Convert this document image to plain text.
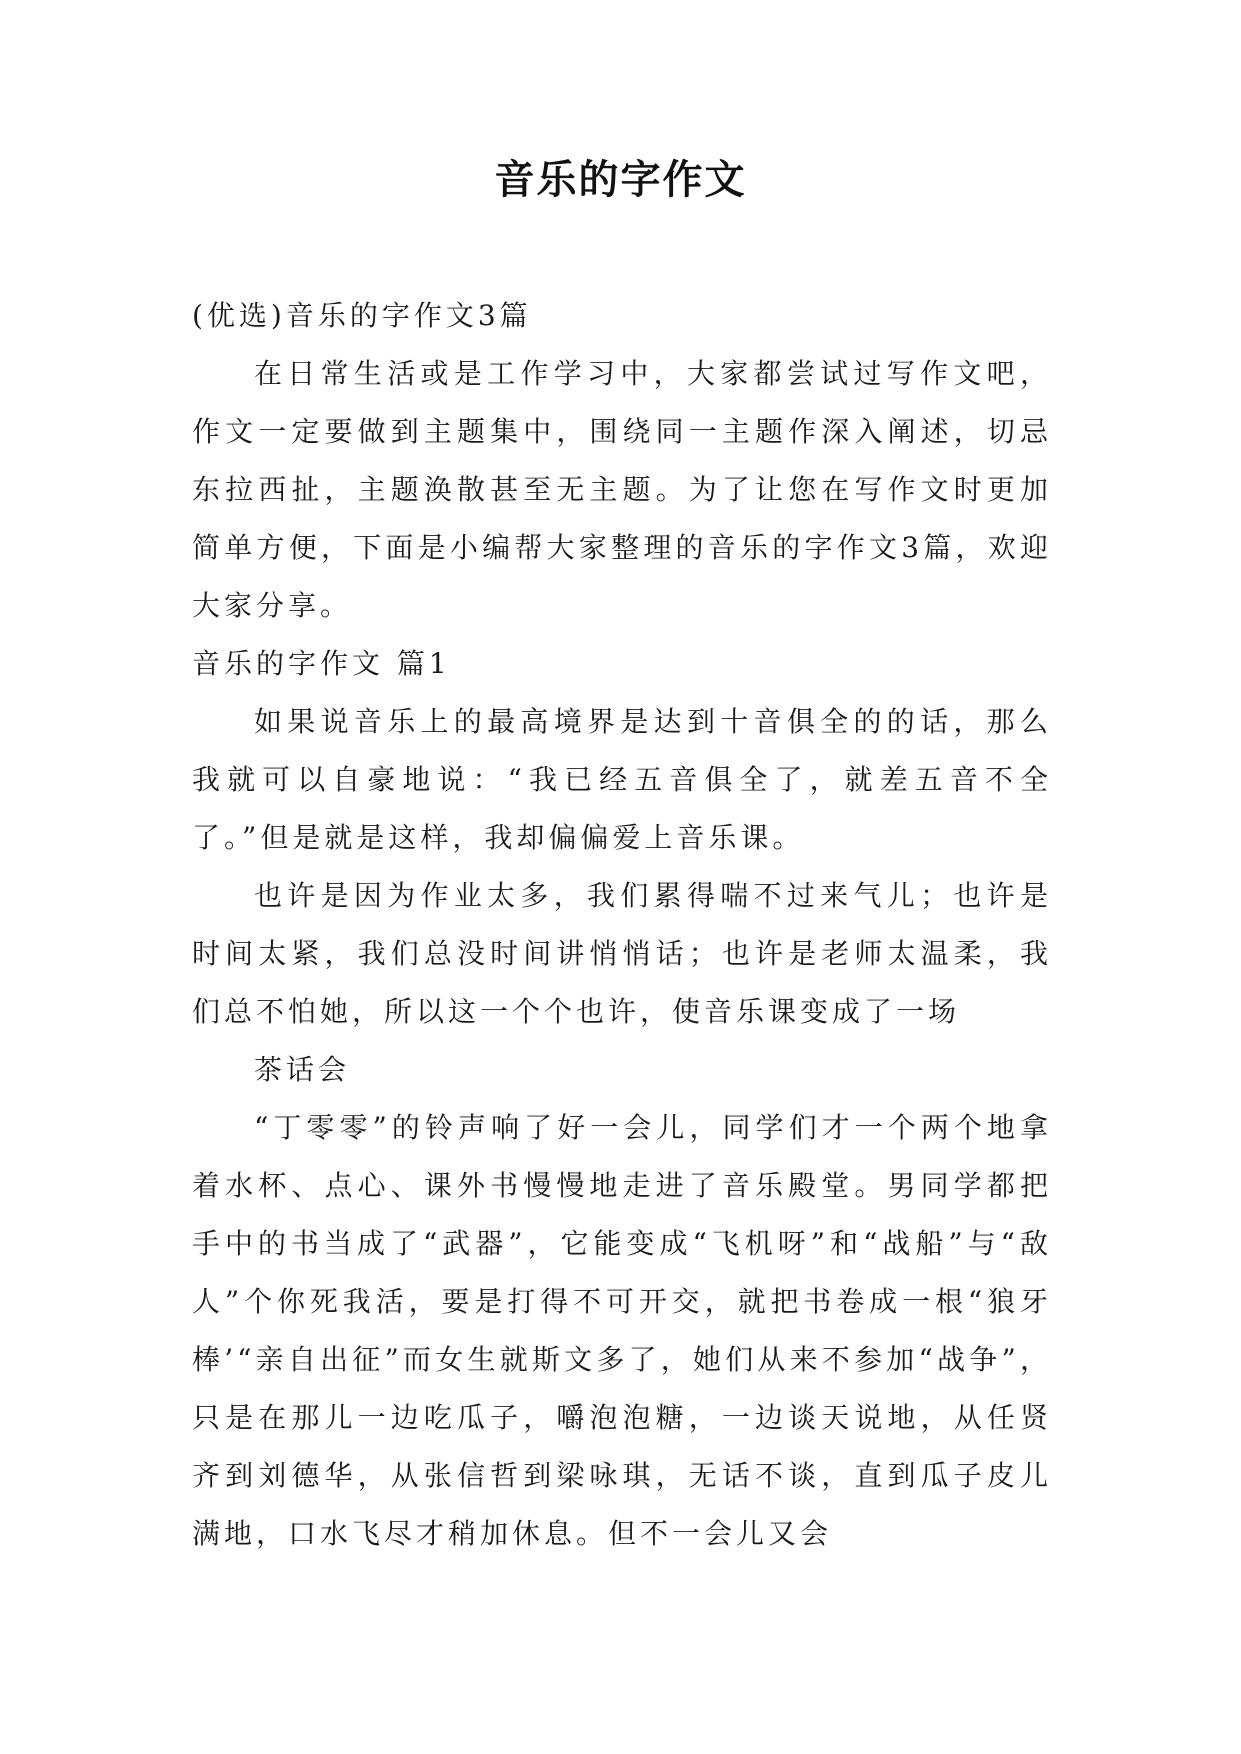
音乐的字作文

(优选)音乐的字作文3篇

在日常生活或是工作学习中，大家都尝试过写作文吧，作文一定要做到主题集中，围绕同一主题作深入阐述，切忌东拉西扯，主题涣散甚至无主题。为了让您在写作文时更加简单方便，下面是小编帮大家整理的音乐的字作文3篇，欢迎大家分享。

音乐的字作文 篇1

如果说音乐上的最高境界是达到十音俱全的的话，那么我就可以自豪地说：“我已经五音俱全了，就差五音不全了。”但是就是这样，我却偏偏爱上音乐课。

也许是因为作业太多，我们累得喘不过来气儿；也许是时间太紧，我们总没时间讲悄悄话；也许是老师太温柔，我们总不怕她，所以这一个个也许，使音乐课变成了一场

茶话会

“丁零零”的铃声响了好一会儿，同学们才一个两个地拿着水杯、点心、课外书慢慢地走进了音乐殿堂。男同学都把手中的书当成了“武器”，它能变成“飞机呀”和“战船”与“敌人”个你死我活，要是打得不可开交，就把书卷成一根“狼牙棒’“亲自出征”而女生就斯文多了，她们从来不参加“战争”，只是在那儿一边吃瓜子，嚼泡泡糖，一边谈天说地，从任贤齐到刘德华，从张信哲到梁咏琪，无话不谈，直到瓜子皮儿满地，口水飞尽才稍加休息。但不一会儿又会
